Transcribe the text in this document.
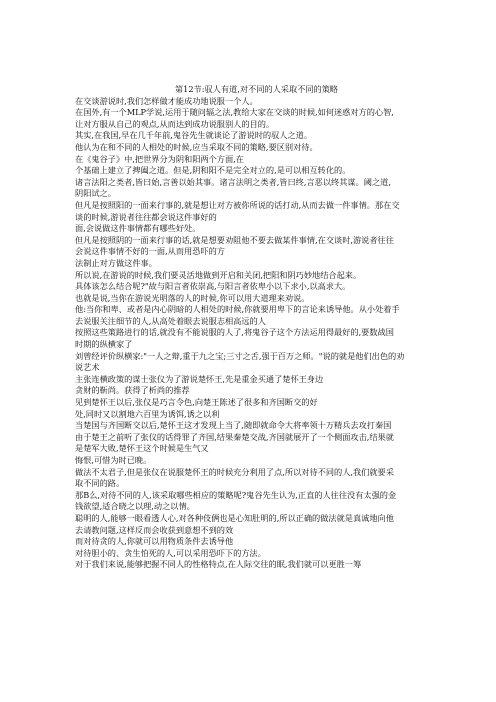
第12节:驭人有道,对不同的人采取不同的策略
在交谈游说时,我们怎样做才能成功地说服一个人。
在国外,有一个MLP学说,运用于随问辐之法,教给大家在交谈的时候,如何迷惑对方的心智,
让对方服从自己的观点,从而达到成功说服别人的目的。
其实,在我国,早在几千年前,鬼谷先生就谈论了游说时的驭人之道。
他认为在和不同的人相处的时候,应当采取不同的策略,要区别对待。
在《鬼谷子》中,把世界分为阴和阳两个方面,在
个基础上建立了捭阖之道。但是,阴和阳不是完全对立的,是可以相互转化的。
诸言法阳之类者,皆曰始,言善以始其事。诸言法明之类者,皆曰终,言恶以终其谋。阈之道,
阴阳试之。
但凡是按照阳的一面来行事的,就是想让对方被你所说的话打动,从而去做一件事情。那在交
谈的时候,游说者往往都会说这件事好的
面,会说做这件事情都有哪些好处。
但凡是按照阴的一面来行事的话,就是想要劝阻他不要去做某件事情,在交谈时,游说者往往
会说这件事情不好的一面,从而用恐吓的方
法制止对方做这件事。
所以说,在游说的时候,我们要灵活地做到开启和关闭,把阳和阴巧妙地结合起来。
具体该怎么结合呢?"故与阳言者依崇高,与阳言者依卑小以下求小,以高求大。
也就是说,当你在游说光明落的人的时候,你可以用大道理来劝说。
他:当你和卑、或者是内心阴暗的人相处的时候,你就要用卑下的言论来诱导他。从小处着手
去说服关注细节的人,从高处着眼去说服志相高远的人
按照这些策路进行的话,就没有不能说服的人了,将鬼谷子这个方法运用得最好的,要数战国
时期的纵横家了
刘曾经评价纵横家:"一人之辩,重于九之宝;三寸之舌,强于百万之师。"说的就是他们出色的劝
说艺术
主张连横政策的谋士张仪为了游说楚怀王,先是重金买通了楚怀王身边
贪财的靳尚。获得了析尚的推荐
见到楚怀王以后,张仪是巧言令色,向楚王陈述了很多和齐国断交的好
处,同时又以割地六百里为诱饵,诱之以利
当楚国与齐国断交以后,楚怀王这才发现上当了,随即就命令大将率领十万精兵去攻打秦国
由于楚王之前听了张仪的话得罪了齐国,结果秦楚交战,齐国就展开了一个侧面攻击,结果就
是楚军大败,楚怀王这个时候是生气又
悔恨,可惜为时已晚。
做法不太君子,但是张仪在说服楚怀王的时候充分利用了点,所以对待不同的人,我们就要采
取不同的路。
那B么,对待不同的人,该采取哪些相应的策略呢?鬼谷先生认为,正直的人往往没有太强的金
钱欲望,适合晓之以理,动之以情。
聪明的人,能够一眼看透人心,对各种伎俩也是心知肚明的,所以正确的做法就是真诚地向他
去请教问题,这样反而会收获到意想不到的效
而对待贪的人,你就可以用物质条件去诱导他
对待胆小的、贪生怕死的人,可以采用恐吓下的方法。
对于我们来说,能够把握不同人的性格特点,在人际交往的眠,我们就可以更胜一筹
